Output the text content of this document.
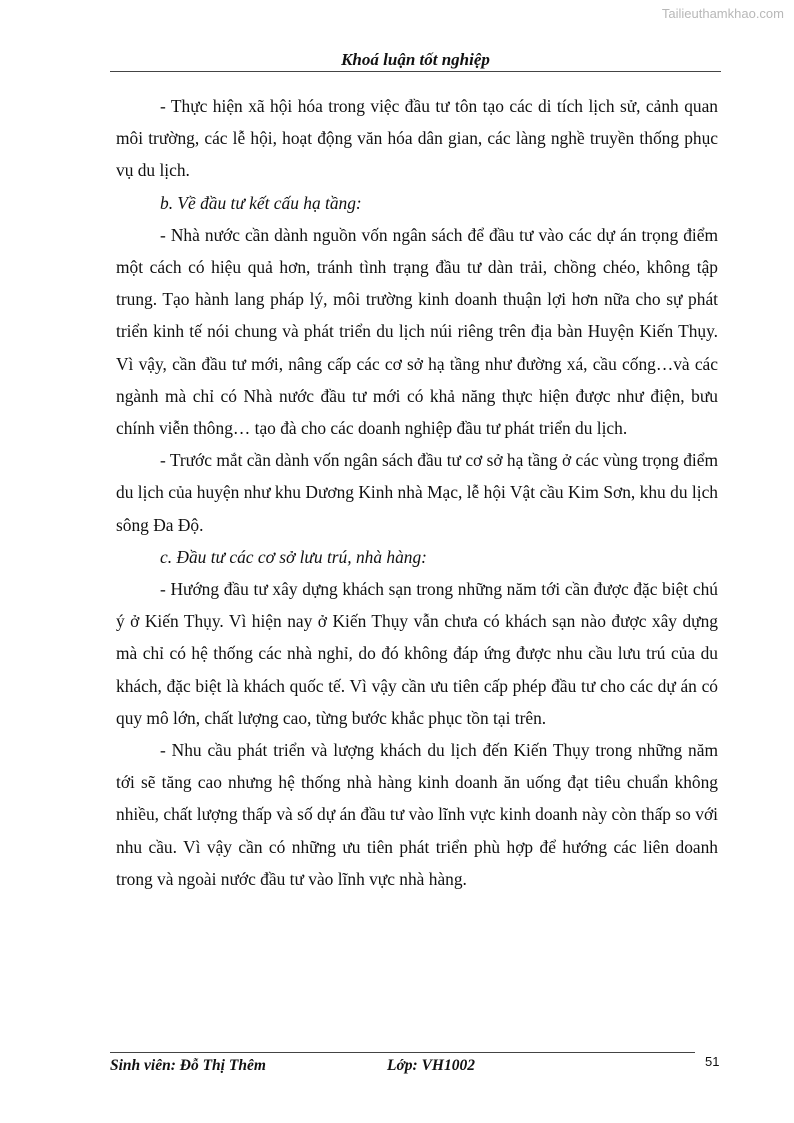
Tailieuthamkhao.com
Khoá luận tốt nghiệp

- Thực hiện xã hội hóa trong việc đầu tư tôn tạo các di tích lịch sử, cảnh quan môi trường, các lễ hội, hoạt động văn hóa dân gian, các làng nghề truyền thống phục vụ du lịch.

b. Về đầu tư kết cấu hạ tầng:

- Nhà nước cần dành nguồn vốn ngân sách để đầu tư vào các dự án trọng điểm một cách có hiệu quả hơn, tránh tình trạng đầu tư dàn trải, chồng chéo, không tập trung. Tạo hành lang pháp lý, môi trường kinh doanh thuận lợi hơn nữa cho sự phát triển kinh tế nói chung và phát triển du lịch núi riêng trên địa bàn Huyện Kiến Thụy. Vì vậy, cần đầu tư mới, nâng cấp các cơ sở hạ tầng như đường xá, cầu cống…và các ngành mà chỉ có Nhà nước đầu tư mới có khả năng thực hiện được như điện, bưu chính viễn thông… tạo đà cho các doanh nghiệp đầu tư phát triển du lịch.

- Trước mắt cần dành vốn ngân sách đầu tư cơ sở hạ tầng ở các vùng trọng điểm du lịch của huyện như khu Dương Kinh nhà Mạc, lễ hội Vật cầu Kim Sơn, khu du lịch sông Đa Độ.

c. Đầu tư các cơ sở lưu trú, nhà hàng:

- Hướng đầu tư xây dựng khách sạn trong những năm tới cần được đặc biệt chú ý ở Kiến Thụy. Vì hiện nay ở Kiến Thụy vẫn chưa có khách sạn nào được xây dựng mà chỉ có hệ thống các nhà nghỉ, do đó không đáp ứng được nhu cầu lưu trú của du khách, đặc biệt là khách quốc tế. Vì vậy cần ưu tiên cấp phép đầu tư cho các dự án có quy mô lớn, chất lượng cao, từng bước khắc phục tồn tại trên.

- Nhu cầu phát triển và lượng khách du lịch đến Kiến Thụy trong những năm tới sẽ tăng cao nhưng hệ thống nhà hàng kinh doanh ăn uống đạt tiêu chuẩn không nhiều, chất lượng thấp và số dự án đầu tư vào lĩnh vực kinh doanh này còn thấp so với nhu cầu. Vì vậy cần có những ưu tiên phát triển phù hợp để hướng các liên doanh trong và ngoài nước đầu tư vào lĩnh vực nhà hàng.

Sinh viên: Đỗ Thị Thêm	Lớp: VH1002	51
